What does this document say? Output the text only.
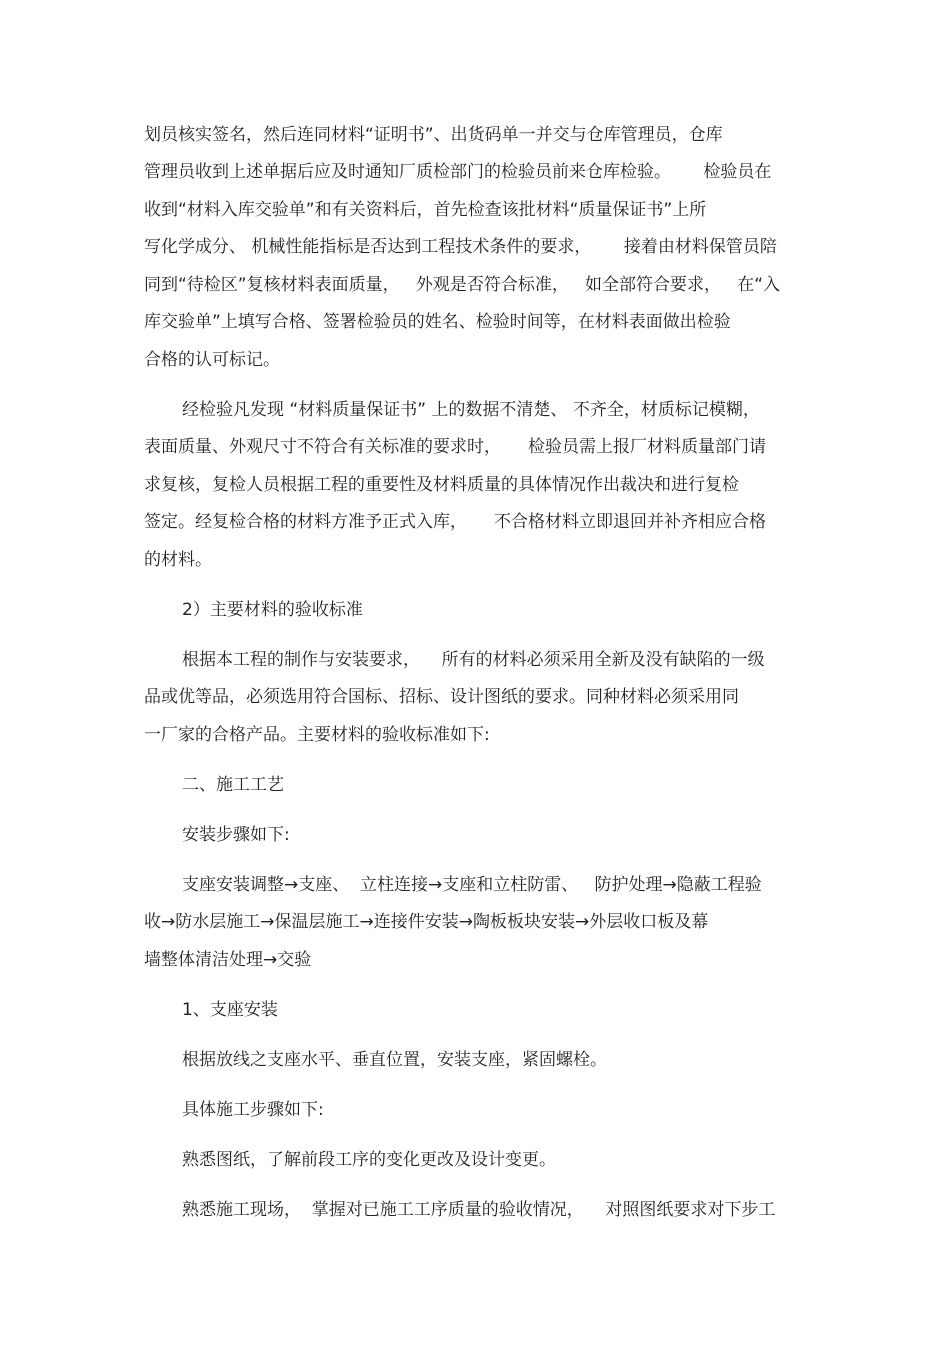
划员核实签名，然后连同材料“证明书”、出货码单一并交与仓库管理员，仓库
管理员收到上述单据后应及时通知厂质检部门的检验员前来仓库检验。      检验员在
收到“材料入库交验单”和有关资料后，首先检查该批材料“质量保证书”上所
写化学成分、 机械性能指标是否达到工程技术条件的要求，      接着由材料保管员陪
同到“待检区”复核材料表面质量，   外观是否符合标准，   如全部符合要求，   在“入
库交验单”上填写合格、签署检验员的姓名、检验时间等，在材料表面做出检验
合格的认可标记。
经检验凡发现 “材料质量保证书” 上的数据不清楚、 不齐全，材质标记模糊，
表面质量、外观尺寸不符合有关标准的要求时，     检验员需上报厂材料质量部门请
求复核，复检人员根据工程的重要性及材料质量的具体情况作出裁决和进行复检
签定。经复检合格的材料方准予正式入库，     不合格材料立即退回并补齐相应合格
的材料。
2）主要材料的验收标准
根据本工程的制作与安装要求，    所有的材料必须采用全新及没有缺陷的一级
品或优等品，必须选用符合国标、招标、设计图纸的要求。同种材料必须采用同
一厂家的合格产品。主要材料的验收标准如下:
二、施工工艺
安装步骤如下:
支座安装调整→支座、  立柱连接→支座和立柱防雷、   防护处理→隐蔽工程验
收→防水层施工→保温层施工→连接件安装→陶板板块安装→外层收口板及幕
墙整体清洁处理→交验
1、支座安装
根据放线之支座水平、垂直位置，安装支座，紧固螺栓。
具体施工步骤如下:
熟悉图纸，了解前段工序的变化更改及设计变更。
熟悉施工现场，  掌握对已施工工序质量的验收情况，    对照图纸要求对下步工
